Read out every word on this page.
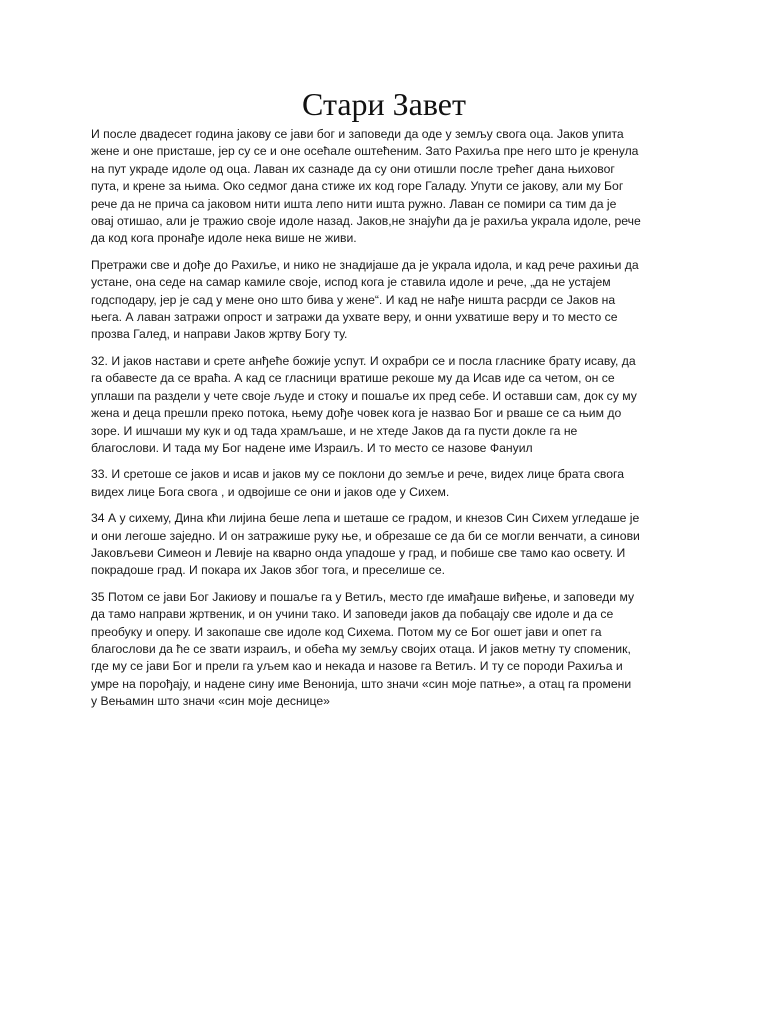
Стари Завет

И после двадесет година јакову се јави бог и заповеди да оде у земљу свога оца. Јаков упита
жене и оне присташе, јер су се и оне осећале оштећеним. Зато Рахиља пре него што је кренула
на пут украде идоле од оца. Лаван их сазнаде да су они отишли после трећег дана њиховог
пута, и крене за њима. Око седмог дана стиже их код горе Галаду. Упути се јакову, али му Бог
рече да не прича са јаковом нити ишта лепо нити ишта ружно. Лаван се помири са тим да је
овај отишао, али је тражио своје идоле назад. Јаков,не знајући да је рахиља украла идоле, рече
да код кога пронађе идоле нека више не живи.

Претражи све и дође до Рахиље, и нико не знадијаше да је украла идола, и кад рече рахињи да
устане, она седе на самар камиле своје, испод кога је ставила идоле и рече, „да не устајем
годсподару, јер је сад у мене оно што бива у жене“. И кад не нађе ништа расрди се Јаков на
њега. А лаван затражи опрост и затражи да ухвате веру, и онни ухватише веру и то место се
прозва Галед, и направи Јаков жртву Богу ту.

32. И јаков настави и срете анђеће божије успут. И охрабри се и посла гласнике брату исаву, да
га обавесте да се враћа. А кад се гласници вратише рекоше му да Исав иде са четом, он се
уплаши па раздели у чете своје људе и стоку и пошаље их пред себе. И оставши сам, док су му
жена и деца прешли преко потока, њему дође човек кога је назвао Бог и рваше се са њим до
зоре. И ишчаши му кук и од тада храмљаше, и не хтеде Јаков да га пусти докле га не
благослови. И тада му Бог надене име Израиљ. И то место се назове Фануил

33. И сретоше се јаков и исав и јаков му се поклони до земље и рече, видех лице брата свога
видех лице Бога свога , и одвојише се они и јаков оде у Сихем.

34 А у сихему, Дина кћи лијина беше лепа и шеташе се градом, и кнезов Син Сихем угледаше је
и они легоше заједно. И он затражише руку ње, и обрезаше се да би се могли венчати, а синови
Јаковљеви Симеон и Левије на кварно онда упадоше у град, и побише све тамо као освету. И
покрадоше град. И покара их Јаков због тога, и преселише се.

35 Потом се јави Бог Јакиову и пошаље га у Ветиљ, место где имађаше виђење, и заповеди му
да тамо направи жртвеник, и он учини тако. И заповеди јаков да побацају све идоле и да се
преобуку и оперу. И закопаше све идоле код Сихема. Потом му се Бог ошет јави и опет га
благослови да ће се звати израиљ, и обећа му земљу својих отаца. И јаков метну ту споменик,
где му се јави Бог и прели га уљем као и некада и назове га Ветиљ. И ту се породи Рахиља и
умре на порођају, и надене сину име Венонија, што значи «син моје патње», а отац га промени
у Вењамин што значи «син моје деснице»
